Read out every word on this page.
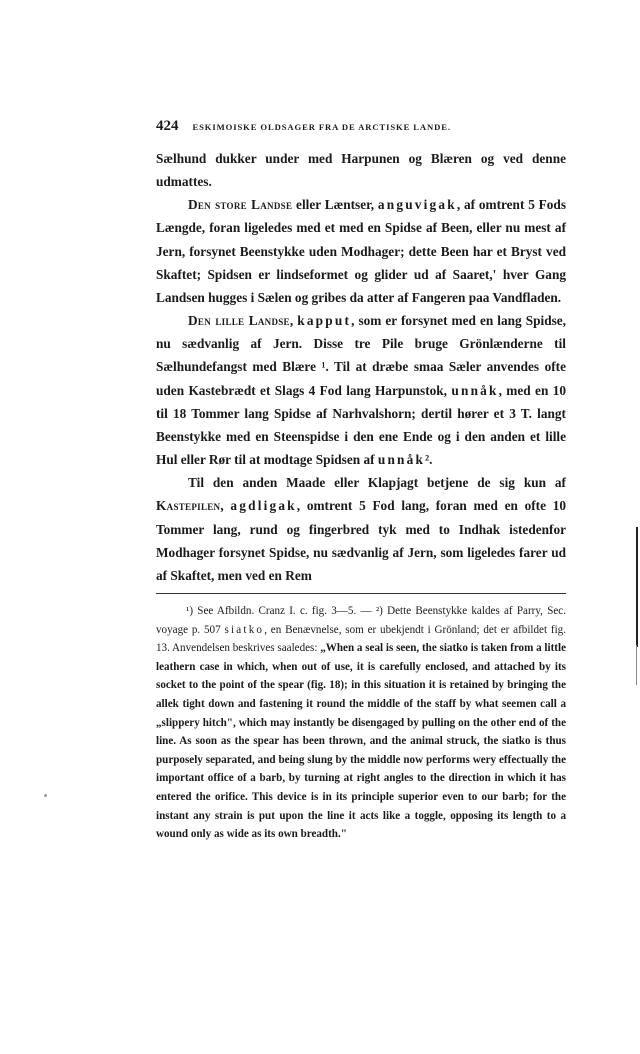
424 ESKIMOISKE OLDSAGER FRA DE ARCTISKE LANDE.

Sælhund dukker under med Harpunen og Blæren og ved denne udmattes.

Den store Landse eller Læntser, anguvigak, af omtrent 5 Fods Længde, foran ligeledes med et med en Spidse af Been, eller nu mest af Jern, forsynet Beenstykke uden Modhager; dette Been har et Bryst ved Skaftet; Spidsen er lindseformet og glider ud af Saaret,' hver Gang Landsen hugges i Sælen og gribes da atter af Fangeren paa Vandfladen.

Den lille Landse, kapput, som er forsynet med en lang Spidse, nu sædvanlig af Jern. Disse tre Pile bruge Grönlænderne til Sælhundefangst med Blære ¹. Til at dræbe smaa Sæler anvendes ofte uden Kastebrædt et Slags 4 Fod lang Harpunstok, unnåk, med en 10 til 18 Tommer lang Spidse af Narhvalshorn; dertil hører et 3 T. langt Beenstykke med en Steenspidse i den ene Ende og i den anden et lille Hul eller Rør til at modtage Spidsen af unnåk².

Til den anden Maade eller Klapjagt betjene de sig kun af Kastepilen, agdligak, omtrent 5 Fod lang, foran med en ofte 10 Tommer lang, rund og fingerbred tyk med to Indhak istedenfor Modhager forsynet Spidse, nu sædvanlig af Jern, som ligeledes farer ud af Skaftet, men ved en Rem

¹) See Afbildn. Cranz I. c. fig. 3—5. — ²) Dette Beenstykke kaldes af Parry, Sec. voyage p. 507 siatko, en Benævnelse, som er ubekjendt i Grönland; det er afbildet fig. 13. Anvendelsen beskrives saaledes: „When a seal is seen, the siatko is taken from a little leathern case in which, when out of use, it is carefully enclosed, and attached by its socket to the point of the spear (fig. 18); in this situation it is retained by bringing the allek tight down and fastening it round the middle of the staff by what seemen call a „slippery hitch", which may instantly be disengaged by pulling on the other end of the line. As soon as the spear has been thrown, and the animal struck, the siatko is thus purposely separated, and being slung by the middle now performs wery effectually the important office of a barb, by turning at right angles to the direction in which it has entered the orifice. This device is in its principle superior even to our barb; for the instant any strain is put upon the line it acts like a toggle, opposing its length to a wound only as wide as its own breadth."
